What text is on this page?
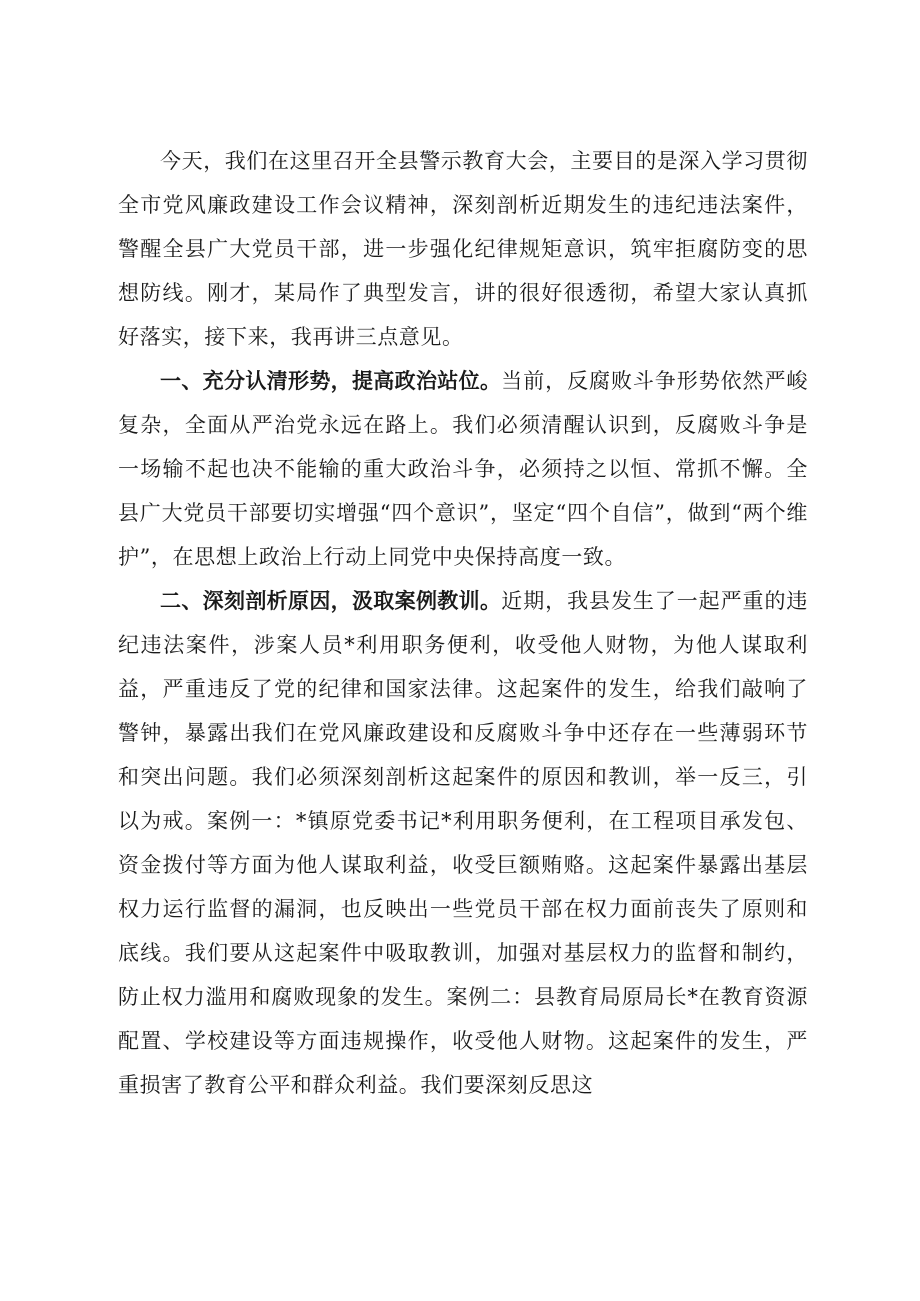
今天，我们在这里召开全县警示教育大会，主要目的是深入学习贯彻全市党风廉政建设工作会议精神，深刻剖析近期发生的违纪违法案件，警醒全县广大党员干部，进一步强化纪律规矩意识，筑牢拒腐防变的思想防线。刚才，某局作了典型发言，讲的很好很透彻，希望大家认真抓好落实，接下来，我再讲三点意见。

一、充分认清形势，提高政治站位。当前，反腐败斗争形势依然严峻复杂，全面从严治党永远在路上。我们必须清醒认识到，反腐败斗争是一场输不起也决不能输的重大政治斗争，必须持之以恒、常抓不懈。全县广大党员干部要切实增强“四个意识”，坚定“四个自信”，做到“两个维护”，在思想上政治上行动上同党中央保持高度一致。

二、深刻剖析原因，汲取案例教训。近期，我县发生了一起严重的违纪违法案件，涉案人员*利用职务便利，收受他人财物，为他人谋取利益，严重违反了党的纪律和国家法律。这起案件的发生，给我们敲响了警钟，暴露出我们在党风廉政建设和反腐败斗争中还存在一些薄弱环节和突出问题。我们必须深刻剖析这起案件的原因和教训，举一反三，引以为戒。案例一：*镇原党委书记*利用职务便利，在工程项目承发包、资金拨付等方面为他人谋取利益，收受巨额贿赂。这起案件暴露出基层权力运行监督的漏洞，也反映出一些党员干部在权力面前丧失了原则和底线。我们要从这起案件中吸取教训，加强对基层权力的监督和制约，防止权力滥用和腐败现象的发生。案例二：县教育局原局长*在教育资源配置、学校建设等方面违规操作，收受他人财物。这起案件的发生，严重损害了教育公平和群众利益。我们要深刻反思这
